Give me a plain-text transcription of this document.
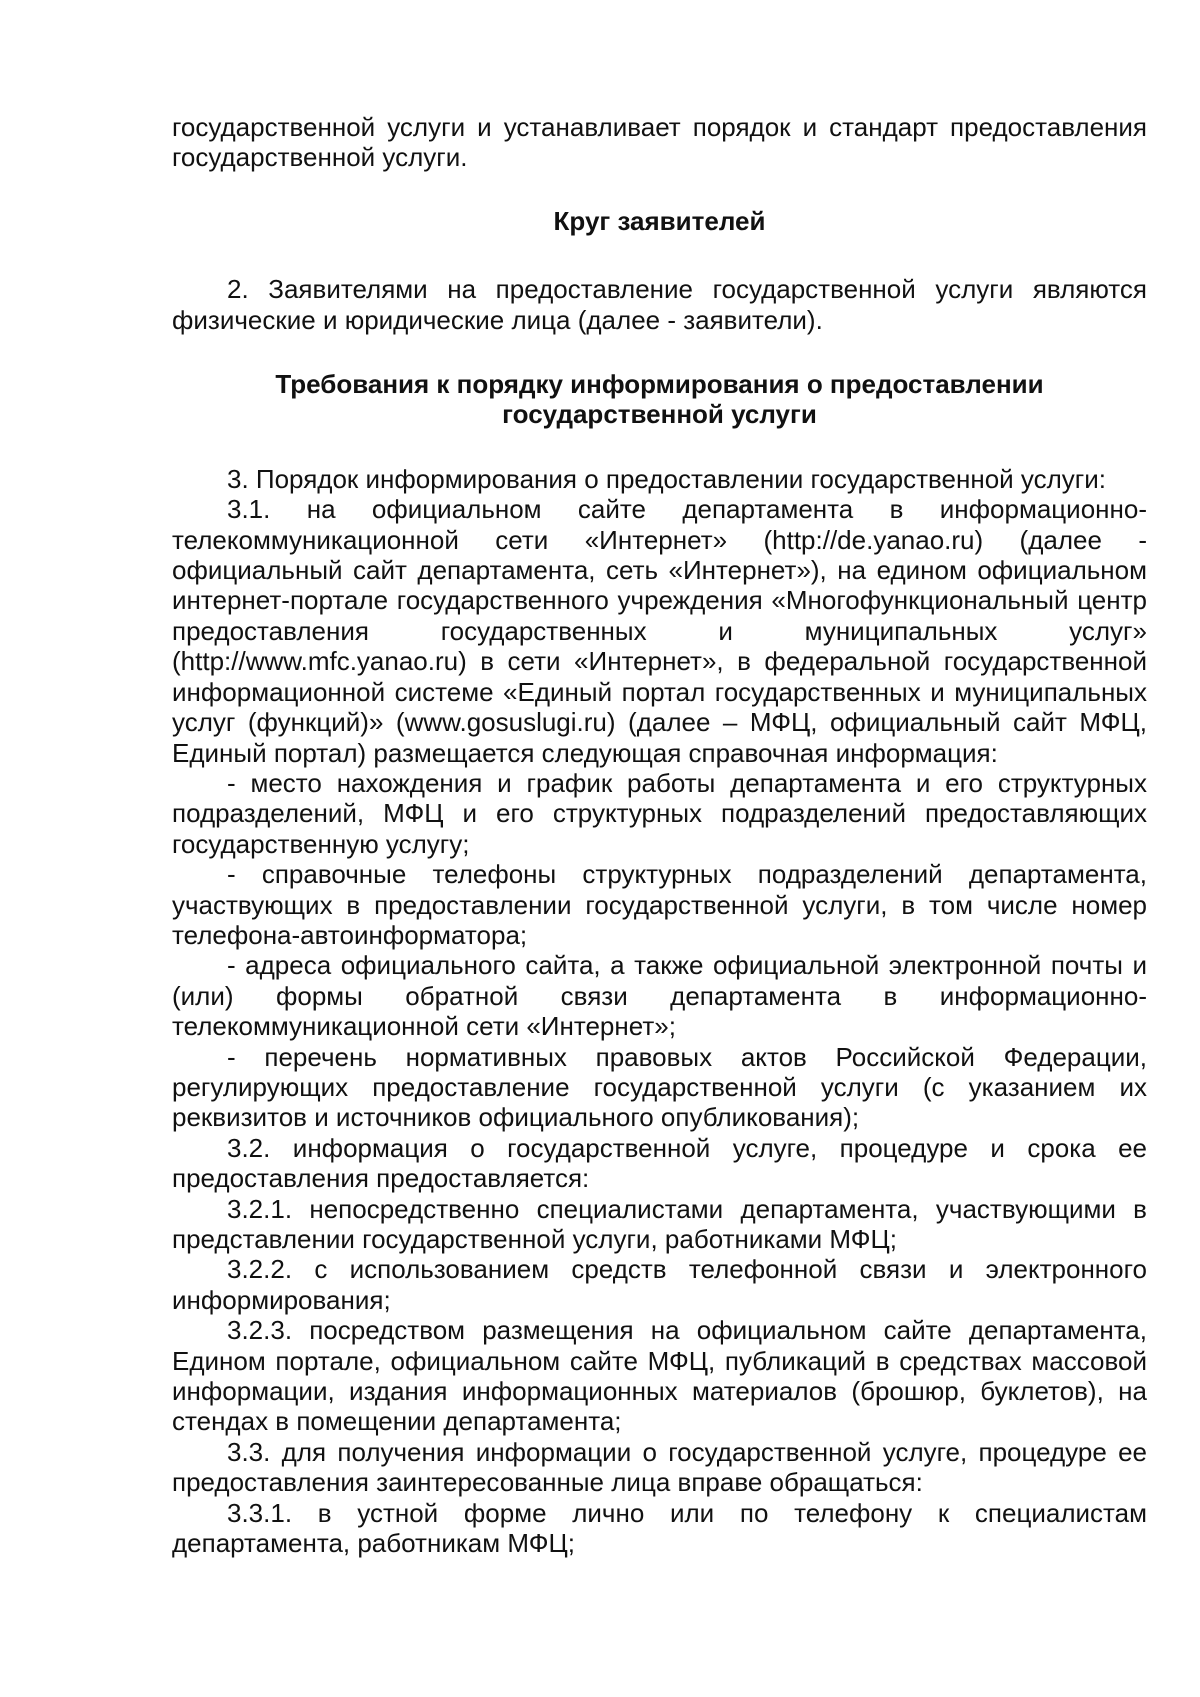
государственной услуги и устанавливает порядок и стандарт предоставления государственной услуги.

Круг заявителей

2. Заявителями на предоставление государственной услуги являются физические и юридические лица (далее - заявители).

Требования к порядку информирования о предоставлении
государственной услуги

3. Порядок информирования о предоставлении государственной услуги:

3.1. на официальном сайте департамента в информационно-телекоммуникационной сети «Интернет» (http://de.yanao.ru) (далее - официальный сайт департамента, сеть «Интернет»), на едином официальном интернет-портале государственного учреждения «Многофункциональный центр предоставления государственных и муниципальных услуг» (http://www.mfc.yanao.ru) в сети «Интернет», в федеральной государственной информационной системе «Единый портал государственных и муниципальных услуг (функций)» (www.gosuslugi.ru) (далее – МФЦ, официальный сайт МФЦ, Единый портал) размещается следующая справочная информация:

- место нахождения и график работы департамента и его структурных подразделений, МФЦ и его структурных подразделений предоставляющих государственную услугу;

- справочные телефоны структурных подразделений департамента, участвующих в предоставлении государственной услуги, в том числе номер телефона-автоинформатора;

- адреса официального сайта, а также официальной электронной почты и (или) формы обратной связи департамента в информационно-телекоммуникационной сети «Интернет»;

- перечень нормативных правовых актов Российской Федерации, регулирующих предоставление государственной услуги (с указанием их реквизитов и источников официального опубликования);

3.2. информация о государственной услуге, процедуре и срока ее предоставления предоставляется:

3.2.1. непосредственно специалистами департамента, участвующими в представлении государственной услуги, работниками МФЦ;

3.2.2. с использованием средств телефонной связи и электронного информирования;

3.2.3. посредством размещения на официальном сайте департамента, Едином портале, официальном сайте МФЦ, публикаций в средствах массовой информации, издания информационных материалов (брошюр, буклетов), на стендах в помещении департамента;

3.3. для получения информации о государственной услуге, процедуре ее предоставления заинтересованные лица вправе обращаться:

3.3.1. в устной форме лично или по телефону к специалистам департамента, работникам МФЦ;
